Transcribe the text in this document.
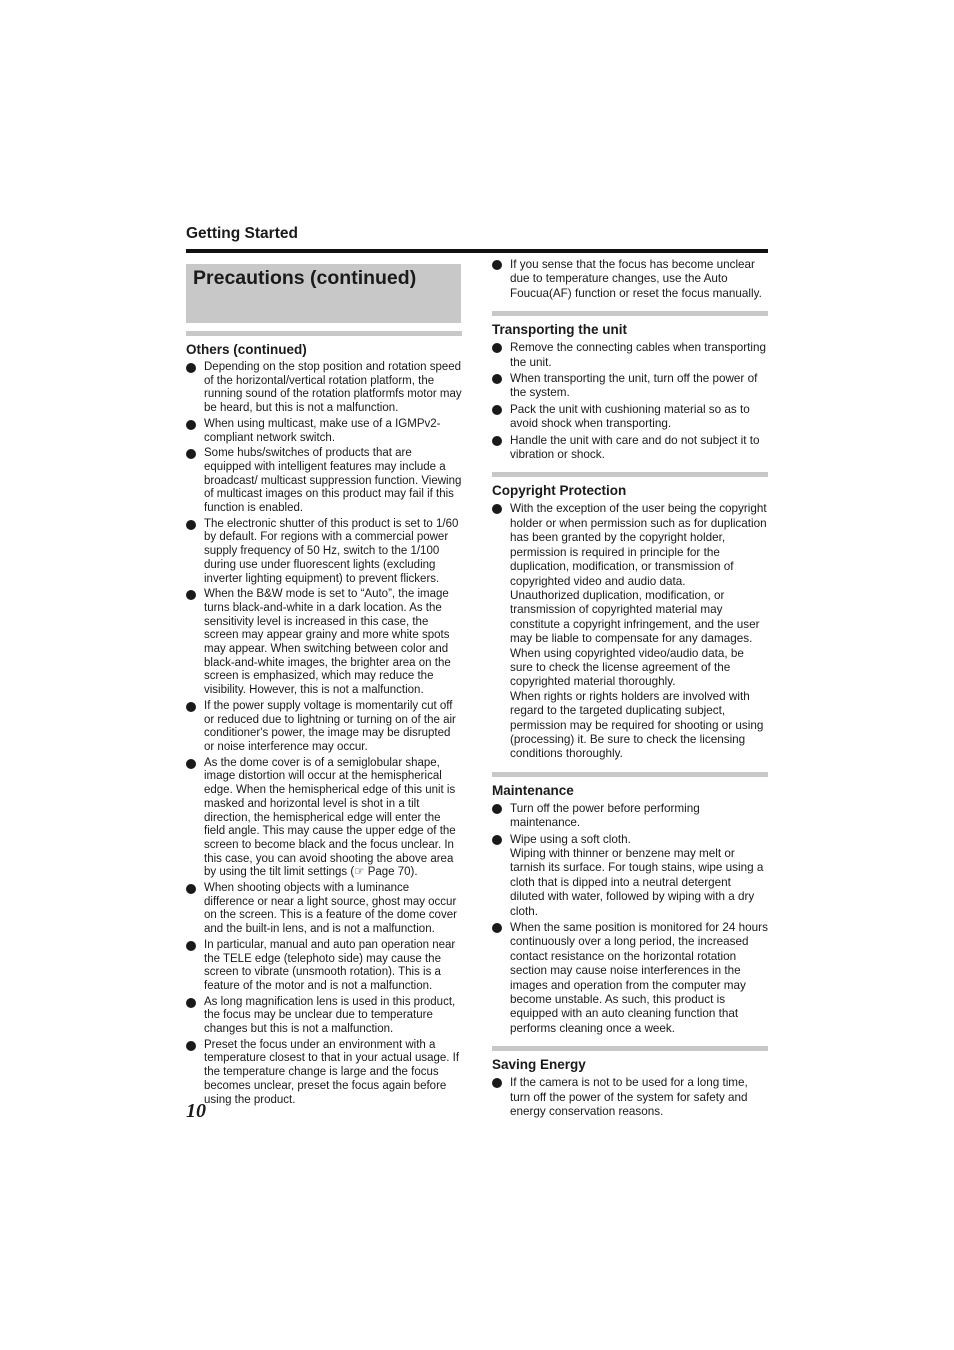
Getting Started
Precautions (continued)
Others (continued)
Depending on the stop position and rotation speed of the horizontal/vertical rotation platform, the running sound of the rotation platformfs motor may be heard, but this is not a malfunction.
When using multicast, make use of a IGMPv2-compliant network switch.
Some hubs/switches of products that are equipped with intelligent features may include a broadcast/ multicast suppression function. Viewing of multicast images on this product may fail if this function is enabled.
The electronic shutter of this product is set to 1/60 by default. For regions with a commercial power supply frequency of 50 Hz, switch to the 1/100 during use under fluorescent lights (excluding inverter lighting equipment) to prevent flickers.
When the B&W mode is set to “Auto”, the image turns black-and-white in a dark location. As the sensitivity level is increased in this case, the screen may appear grainy and more white spots may appear. When switching between color and black-and-white images, the brighter area on the screen is emphasized, which may reduce the visibility. However, this is not a malfunction.
If the power supply voltage is momentarily cut off or reduced due to lightning or turning on of the air conditioner's power, the image may be disrupted or noise interference may occur.
As the dome cover is of a semiglobular shape, image distortion will occur at the hemispherical edge. When the hemispherical edge of this unit is masked and horizontal level is shot in a tilt direction, the hemispherical edge will enter the field angle. This may cause the upper edge of the screen to become black and the focus unclear. In this case, you can avoid shooting the above area by using the tilt limit settings (☞ Page 70).
When shooting objects with a luminance difference or near a light source, ghost may occur on the screen. This is a feature of the dome cover and the built-in lens, and is not a malfunction.
In particular, manual and auto pan operation near the TELE edge (telephoto side) may cause the screen to vibrate (unsmooth rotation). This is a feature of the motor and is not a malfunction.
As long magnification lens is used in this product, the focus may be unclear due to temperature changes but this is not a malfunction.
Preset the focus under an environment with a temperature closest to that in your actual usage. If the temperature change is large and the focus becomes unclear, preset the focus again before using the product.
If you sense that the focus has become unclear due to temperature changes, use the Auto Foucua(AF) function or reset the focus manually.
Transporting the unit
Remove the connecting cables when transporting the unit.
When transporting the unit, turn off the power of the system.
Pack the unit with cushioning material so as to avoid shock when transporting.
Handle the unit with care and do not subject it to vibration or shock.
Copyright Protection
With the exception of the user being the copyright holder or when permission such as for duplication has been granted by the copyright holder, permission is required in principle for the duplication, modification, or transmission of copyrighted video and audio data.
Unauthorized duplication, modification, or transmission of copyrighted material may constitute a copyright infringement, and the user may be liable to compensate for any damages. When using copyrighted video/audio data, be sure to check the license agreement of the copyrighted material thoroughly.
When rights or rights holders are involved with regard to the targeted duplicating subject, permission may be required for shooting or using (processing) it. Be sure to check the licensing conditions thoroughly.
Maintenance
Turn off the power before performing maintenance.
Wipe using a soft cloth.
Wiping with thinner or benzene may melt or tarnish its surface. For tough stains, wipe using a cloth that is dipped into a neutral detergent diluted with water, followed by wiping with a dry cloth.
When the same position is monitored for 24 hours continuously over a long period, the increased contact resistance on the horizontal rotation section may cause noise interferences in the images and operation from the computer may become unstable. As such, this product is equipped with an auto cleaning function that performs cleaning once a week.
Saving Energy
If the camera is not to be used for a long time, turn off the power of the system for safety and energy conservation reasons.
10
